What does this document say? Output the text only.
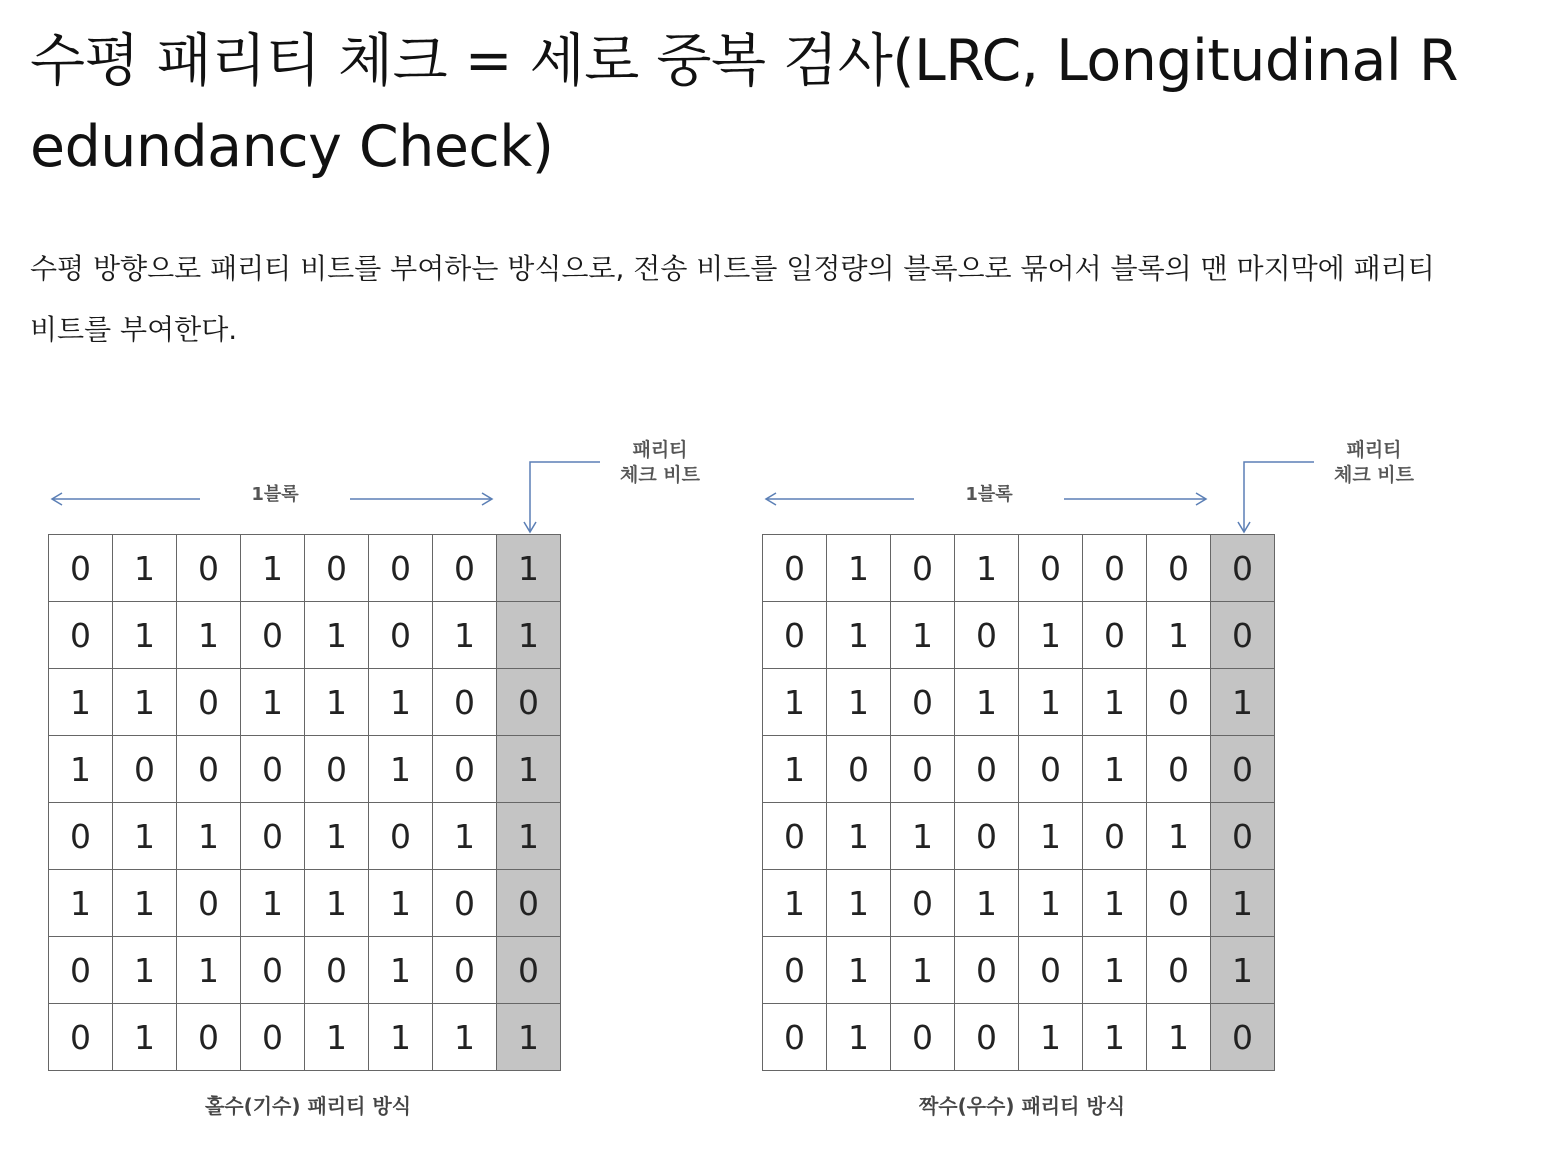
수평 패리티 체크 = 세로 중복 검사(LRC, Longitudinal Redundancy Check)

수평 방향으로 패리티 비트를 부여하는 방식으로, 전송 비트를 일정량의 블록으로 묶어서 블록의 맨 마지막에 패리티 비트를 부여한다.

1블록
패리티
체크 비트
0	1	0	1	0	0	0	1
0	1	1	0	1	0	1	1
1	1	0	1	1	1	0	0
1	0	0	0	0	1	0	1
0	1	1	0	1	0	1	1
1	1	0	1	1	1	0	0
0	1	1	0	0	1	0	0
0	1	0	0	1	1	1	1
홀수(기수) 패리티 방식
1블록
패리티
체크 비트
0	1	0	1	0	0	0	0
0	1	1	0	1	0	1	0
1	1	0	1	1	1	0	1
1	0	0	0	0	1	0	0
0	1	1	0	1	0	1	0
1	1	0	1	1	1	0	1
0	1	1	0	0	1	0	1
0	1	0	0	1	1	1	0
짝수(우수) 패리티 방식
